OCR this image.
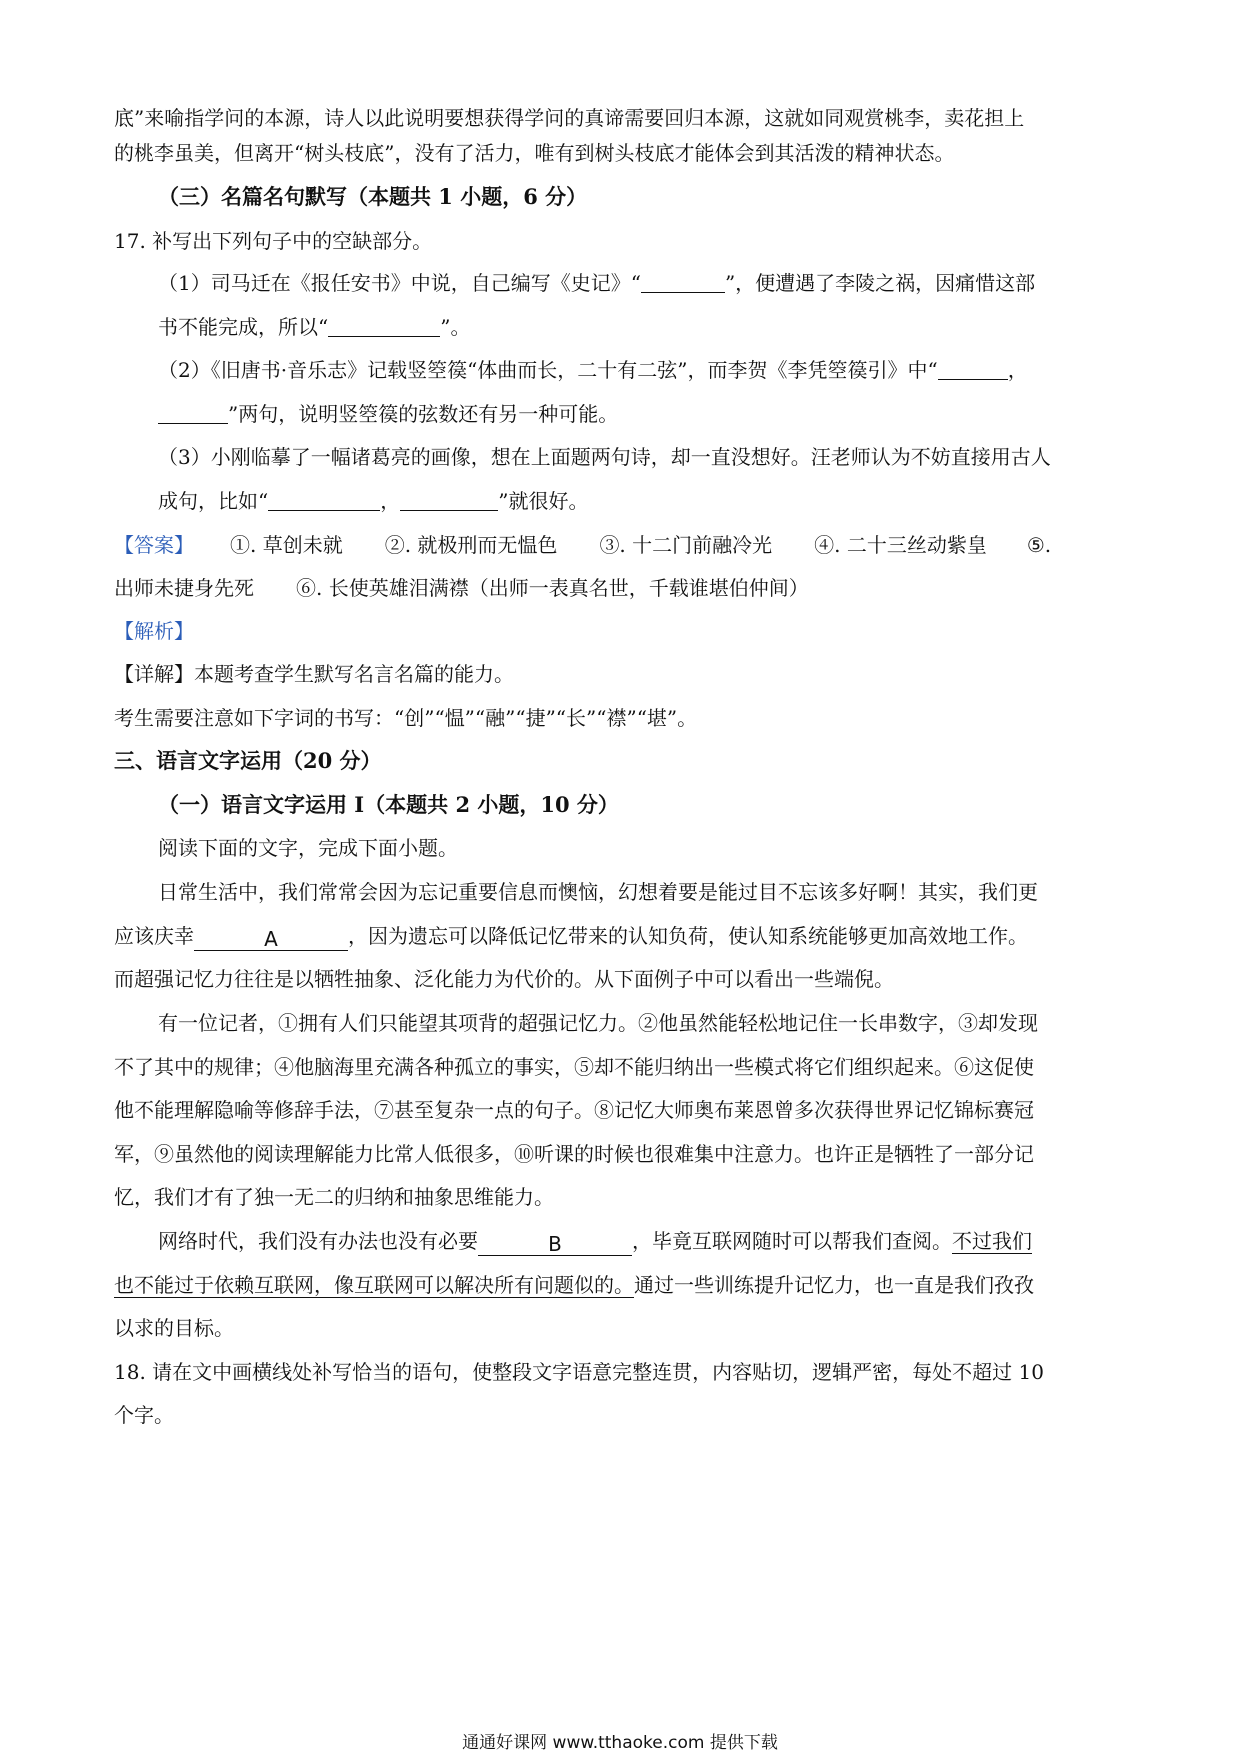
底”来喻指学问的本源，诗人以此说明要想获得学问的真谛需要回归本源，这就如同观赏桃李，卖花担上
的桃李虽美，但离开“树头枝底”，没有了活力，唯有到树头枝底才能体会到其活泼的精神状态。
（三）名篇名句默写（本题共 1 小题，6 分）
17. 补写出下列句子中的空缺部分。
（1）司马迁在《报任安书》中说，自己编写《史记》“	”，便遭遇了李陵之祸，因痛惜这部
书不能完成，所以“	”。
（2）《旧唐书·音乐志》记载竖箜篌“体曲而长，二十有二弦”，而李贺《李凭箜篌引》中“	，
”两句，说明竖箜篌的弦数还有另一种可能。
（3）小刚临摹了一幅诸葛亮的画像，想在上面题两句诗，却一直没想好。汪老师认为不妨直接用古人
成句，比如“	，	”就很好。
【答案】 ①. 草创未就 ②. 就极刑而无愠色 ③. 十二门前融冷光 ④. 二十三丝动紫皇 ⑤.
出师未捷身先死 ⑥. 长使英雄泪满襟（出师一表真名世，千载谁堪伯仲间）
【解析】
【详解】本题考查学生默写名言名篇的能力。
考生需要注意如下字词的书写：“创”“愠”“融”“捷”“长”“襟”“堪”。
三、语言文字运用（20 分）
（一）语言文字运用 I（本题共 2 小题，10 分）
阅读下面的文字，完成下面小题。
日常生活中，我们常常会因为忘记重要信息而懊恼，幻想着要是能过目不忘该多好啊！其实，我们更
应该庆幸	A	，因为遗忘可以降低记忆带来的认知负荷，使认知系统能够更加高效地工作。
而超强记忆力往往是以牺牲抽象、泛化能力为代价的。从下面例子中可以看出一些端倪。
有一位记者，①拥有人们只能望其项背的超强记忆力。②他虽然能轻松地记住一长串数字，③却发现
不了其中的规律；④他脑海里充满各种孤立的事实，⑤却不能归纳出一些模式将它们组织起来。⑥这促使
他不能理解隐喻等修辞手法，⑦甚至复杂一点的句子。⑧记忆大师奥布莱恩曾多次获得世界记忆锦标赛冠
军，⑨虽然他的阅读理解能力比常人低很多，⑩听课的时候也很难集中注意力。也许正是牺牲了一部分记
忆，我们才有了独一无二的归纳和抽象思维能力。
网络时代，我们没有办法也没有必要	B	，毕竟互联网随时可以帮我们查阅。不过我们
也不能过于依赖互联网，像互联网可以解决所有问题似的。通过一些训练提升记忆力，也一直是我们孜孜
以求的目标。
18. 请在文中画横线处补写恰当的语句，使整段文字语意完整连贯，内容贴切，逻辑严密，每处不超过 10
个字。
通通好课网 www.tthaoke.com 提供下载
